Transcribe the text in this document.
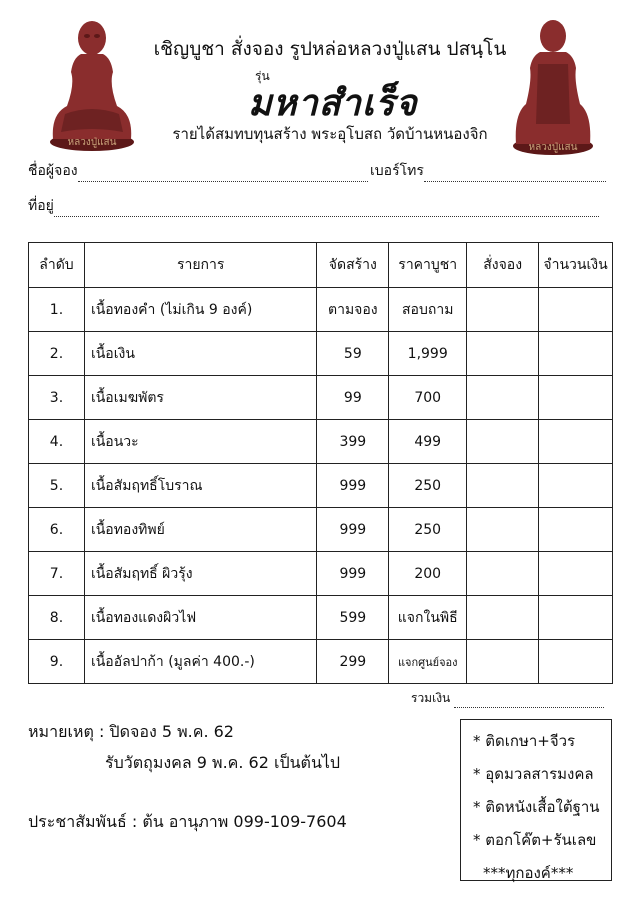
หลวงปู่แสน	หลวงปู่แสน
เชิญบูชา สั่งจอง รูปหล่อหลวงปู่แสน ปสนฺโน
รุ่น
มหาสำเร็จ
รายได้สมทบทุนสร้าง พระอุโบสถ วัดบ้านหนองจิก
ชื่อผู้จอง	เบอร์โทร
ที่อยู่
ลำดับ	รายการ	จัดสร้าง	ราคาบูชา	สั่งจอง	จำนวนเงิน
1.	เนื้อทองคำ (ไม่เกิน 9 องค์)	ตามจอง	สอบถาม		
2.	เนื้อเงิน	59	1,999		
3.	เนื้อเมฆพัตร	99	700		
4.	เนื้อนวะ	399	499		
5.	เนื้อสัมฤทธิ์โบราณ	999	250		
6.	เนื้อทองทิพย์	999	250		
7.	เนื้อสัมฤทธิ์ ผิวรุ้ง	999	200		
8.	เนื้อทองแดงผิวไฟ	599	แจกในพิธี		
9.	เนื้ออัลปาก้า (มูลค่า 400.-)	299	แจกศูนย์จอง		
รวมเงิน
หมายเหตุ : ปิดจอง 5 พ.ค. 62
รับวัตถุมงคล 9 พ.ค. 62 เป็นต้นไป
ประชาสัมพันธ์ : ต้น อานุภาพ 099-109-7604
* ติดเกษา+จีวร
* อุดมวลสารมงคล
* ติดหนังเสื้อใต้ฐาน
* ตอกโค๊ต+รันเลข
***ทุกองค์***
